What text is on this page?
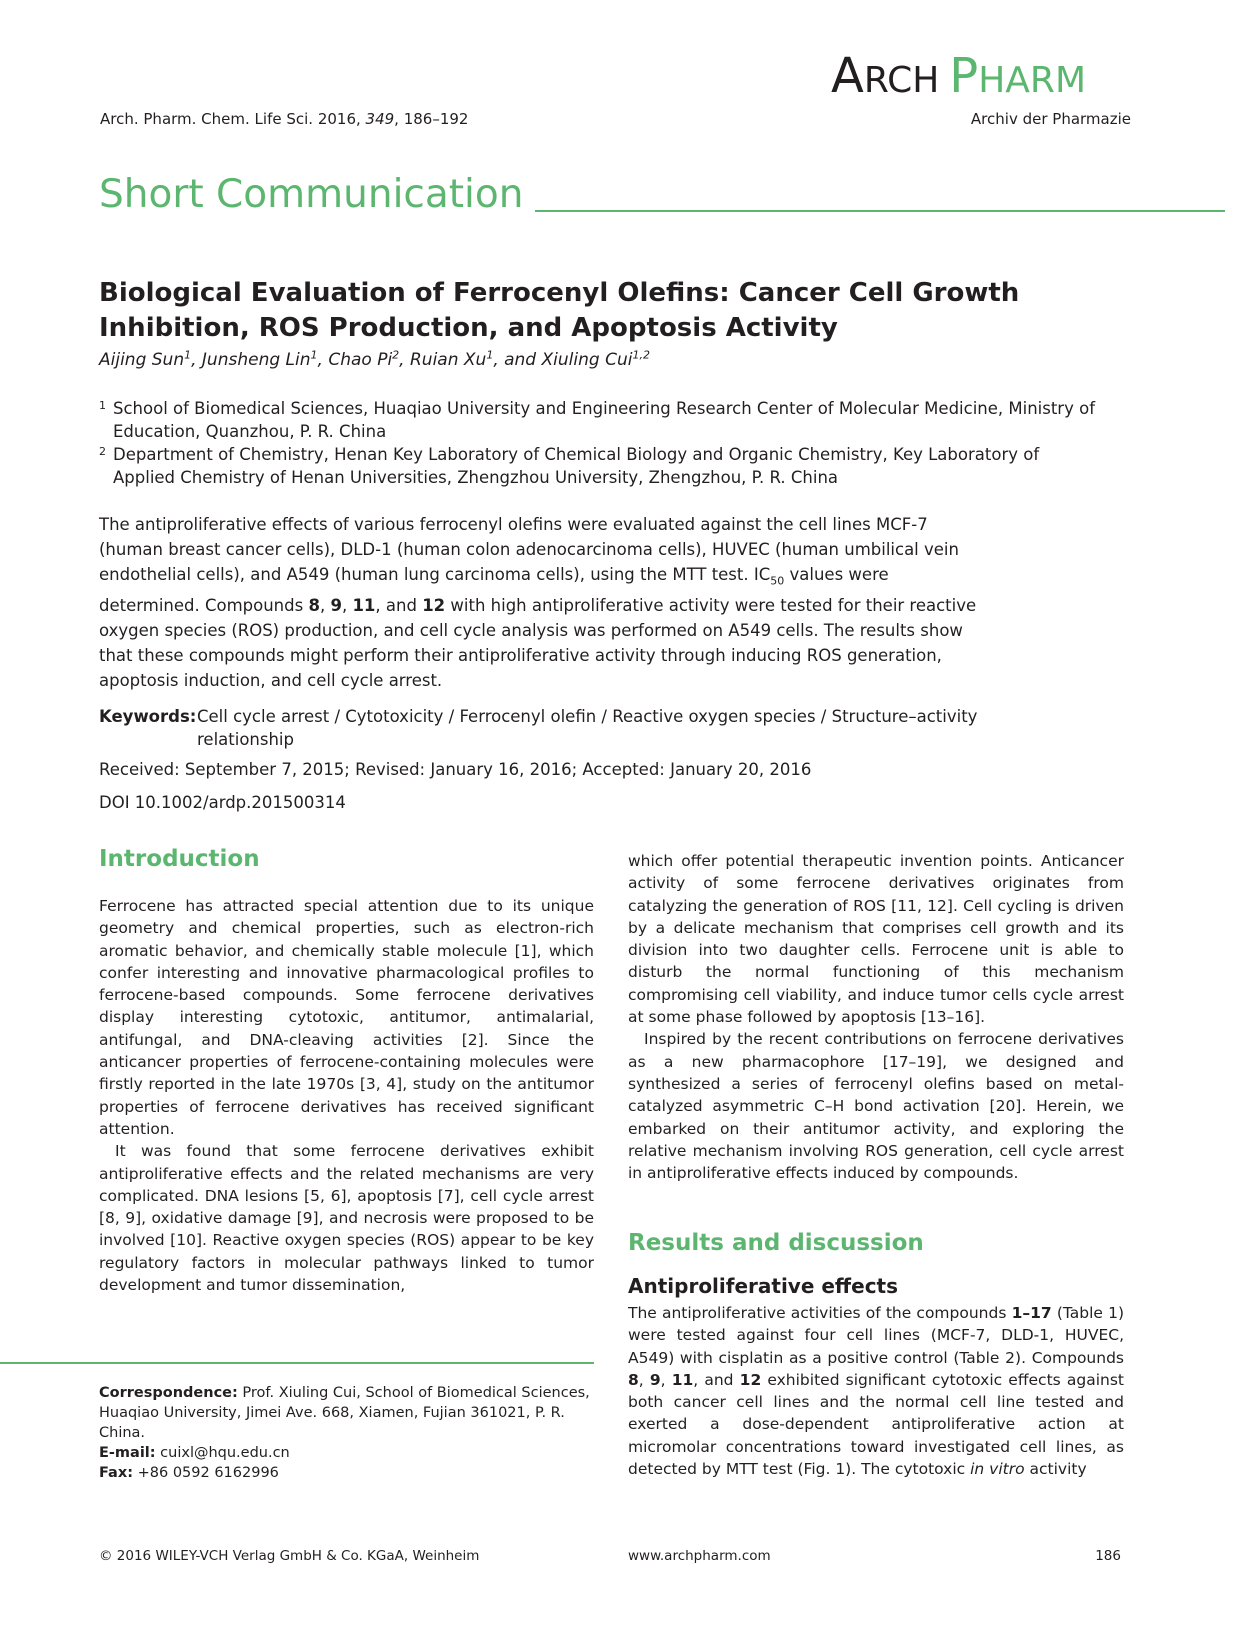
Arch. Pharm. Chem. Life Sci. 2016, 349, 186–192
ARCH PHARM
Archiv der Pharmazie
Short Communication
Biological Evaluation of Ferrocenyl Olefins: Cancer Cell Growth Inhibition, ROS Production, and Apoptosis Activity
Aijing Sun$^1$, Junsheng Lin$^1$, Chao Pi$^2$, Ruian Xu$^1$, and Xiuling Cui$^{1,2}$
1 School of Biomedical Sciences, Huaqiao University and Engineering Research Center of Molecular Medicine, Ministry of Education, Quanzhou, P. R. China
2 Department of Chemistry, Henan Key Laboratory of Chemical Biology and Organic Chemistry, Key Laboratory of Applied Chemistry of Henan Universities, Zhengzhou University, Zhengzhou, P. R. China
The antiproliferative effects of various ferrocenyl olefins were evaluated against the cell lines MCF-7 (human breast cancer cells), DLD-1 (human colon adenocarcinoma cells), HUVEC (human umbilical vein endothelial cells), and A549 (human lung carcinoma cells), using the MTT test. $IC_{50}$ values were determined. Compounds 8, 9, 11, and 12 with high antiproliferative activity were tested for their reactive oxygen species (ROS) production, and cell cycle analysis was performed on A549 cells. The results show that these compounds might perform their antiproliferative activity through inducing ROS generation, apoptosis induction, and cell cycle arrest.
Keywords: Cell cycle arrest / Cytotoxicity / Ferrocenyl olefin / Reactive oxygen species / Structure–activity relationship
Received: September 7, 2015; Revised: January 16, 2016; Accepted: January 20, 2016
DOI 10.1002/ardp.201500314
Introduction

Ferrocene has attracted special attention due to its unique geometry and chemical properties, such as electron-rich aromatic behavior, and chemically stable molecule [1], which confer interesting and innovative pharmacological profiles to ferrocene-based compounds. Some ferrocene derivatives display interesting cytotoxic, antitumor, antimalarial, antifungal, and DNA-cleaving activities [2]. Since the anticancer properties of ferrocene-containing molecules were firstly reported in the late 1970s [3, 4], study on the antitumor properties of ferrocene derivatives has received significant attention.

It was found that some ferrocene derivatives exhibit antiproliferative effects and the related mechanisms are very complicated. DNA lesions [5, 6], apoptosis [7], cell cycle arrest [8, 9], oxidative damage [9], and necrosis were proposed to be involved [10]. Reactive oxygen species (ROS) appear to be key regulatory factors in molecular pathways linked to tumor development and tumor dissemination,

Correspondence: Prof. Xiuling Cui, School of Biomedical Sciences, Huaqiao University, Jimei Ave. 668, Xiamen, Fujian 361021, P. R. China.
E-mail: cuixl@hqu.edu.cn
Fax: +86 0592 6162996

which offer potential therapeutic invention points. Anticancer activity of some ferrocene derivatives originates from catalyzing the generation of ROS [11, 12]. Cell cycling is driven by a delicate mechanism that comprises cell growth and its division into two daughter cells. Ferrocene unit is able to disturb the normal functioning of this mechanism compromising cell viability, and induce tumor cells cycle arrest at some phase followed by apoptosis [13–16].

Inspired by the recent contributions on ferrocene derivatives as a new pharmacophore [17–19], we designed and synthesized a series of ferrocenyl olefins based on metal-catalyzed asymmetric C–H bond activation [20]. Herein, we embarked on their antitumor activity, and exploring the relative mechanism involving ROS generation, cell cycle arrest in antiproliferative effects induced by compounds.

Results and discussion
Antiproliferative effects

The antiproliferative activities of the compounds 1–17 (Table 1) were tested against four cell lines (MCF-7, DLD-1, HUVEC, A549) with cisplatin as a positive control (Table 2). Compounds 8, 9, 11, and 12 exhibited significant cytotoxic effects against both cancer cell lines and the normal cell line tested and exerted a dose-dependent antiproliferative action at micromolar concentrations toward investigated cell lines, as detected by MTT test (Fig. 1). The cytotoxic in vitro activity

© 2016 WILEY-VCH Verlag GmbH & Co. KGaA, Weinheim	www.archpharm.com	186
